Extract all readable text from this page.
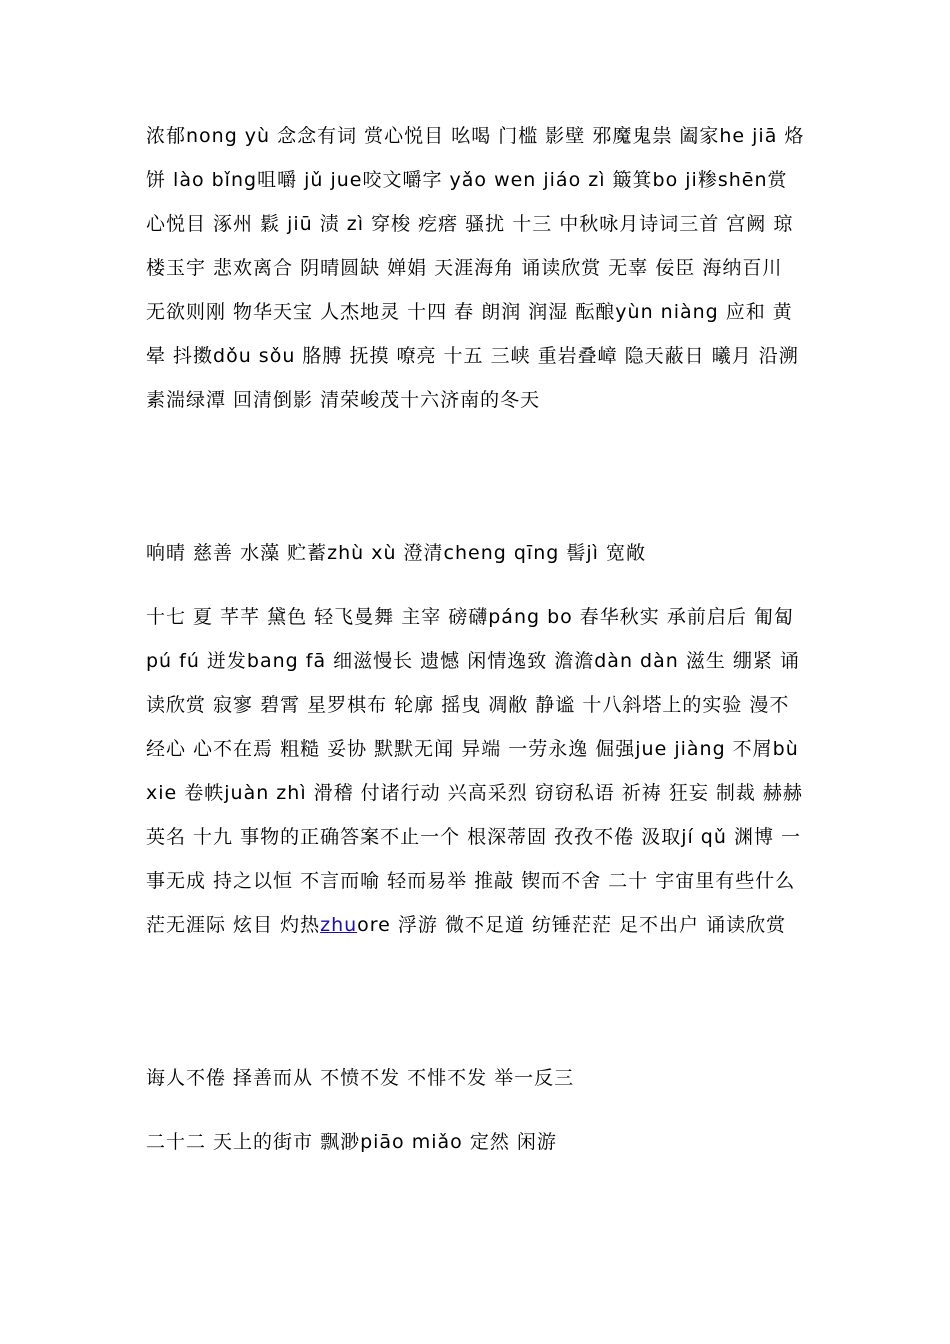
浓郁nong yù 念念有词 赏心悦目 吆喝 门槛 影壁 邪魔鬼祟 阖家he jiā 烙饼 lào bǐng咀嚼 jǔ jue咬文嚼字 yǎo wen jiáo zì 簸箕bo ji糁shēn赏心悦目 涿州 鬏 jiū 渍 zì 穿梭 疙瘩 骚扰 十三 中秋咏月诗词三首 宫阙 琼楼玉宇 悲欢离合 阴晴圆缺 婵娟 天涯海角 诵读欣赏 无辜 佞臣 海纳百川 无欲则刚 物华天宝 人杰地灵 十四 春 朗润 润湿 酝酿yùn niàng 应和 黄晕 抖擞dǒu sǒu 胳膊 抚摸 嘹亮 十五 三峡 重岩叠嶂 隐天蔽日 曦月 沿溯 素湍绿潭 回清倒影 清荣峻茂十六济南的冬天

响晴 慈善 水藻 贮蓄zhù xù 澄清cheng qīng 髻jì 宽敞

十七 夏 芊芊 黛色 轻飞曼舞 主宰 磅礴páng bo 春华秋实 承前启后 匍匐pú fú 迸发bang fā 细滋慢长 遗憾 闲情逸致 澹澹dàn dàn 滋生 绷紧 诵读欣赏 寂寥 碧霄 星罗棋布 轮廓 摇曳 凋敝 静谧 十八斜塔上的实验 漫不经心 心不在焉 粗糙 妥协 默默无闻 异端 一劳永逸 倔强jue jiàng 不屑bù xie 卷帙juàn zhì 滑稽 付诸行动 兴高采烈 窃窃私语 祈祷 狂妄 制裁 赫赫英名 十九 事物的正确答案不止一个 根深蒂固 孜孜不倦 汲取jí qǔ 渊博 一事无成 持之以恒 不言而喻 轻而易举 推敲 锲而不舍 二十 宇宙里有些什么 茫无涯际 炫目 灼热zhuore 浮游 微不足道 纺锤茫茫 足不出户 诵读欣赏

诲人不倦 择善而从 不愤不发 不悱不发 举一反三

二十二 天上的街市 飘渺piāo miǎo 定然 闲游
